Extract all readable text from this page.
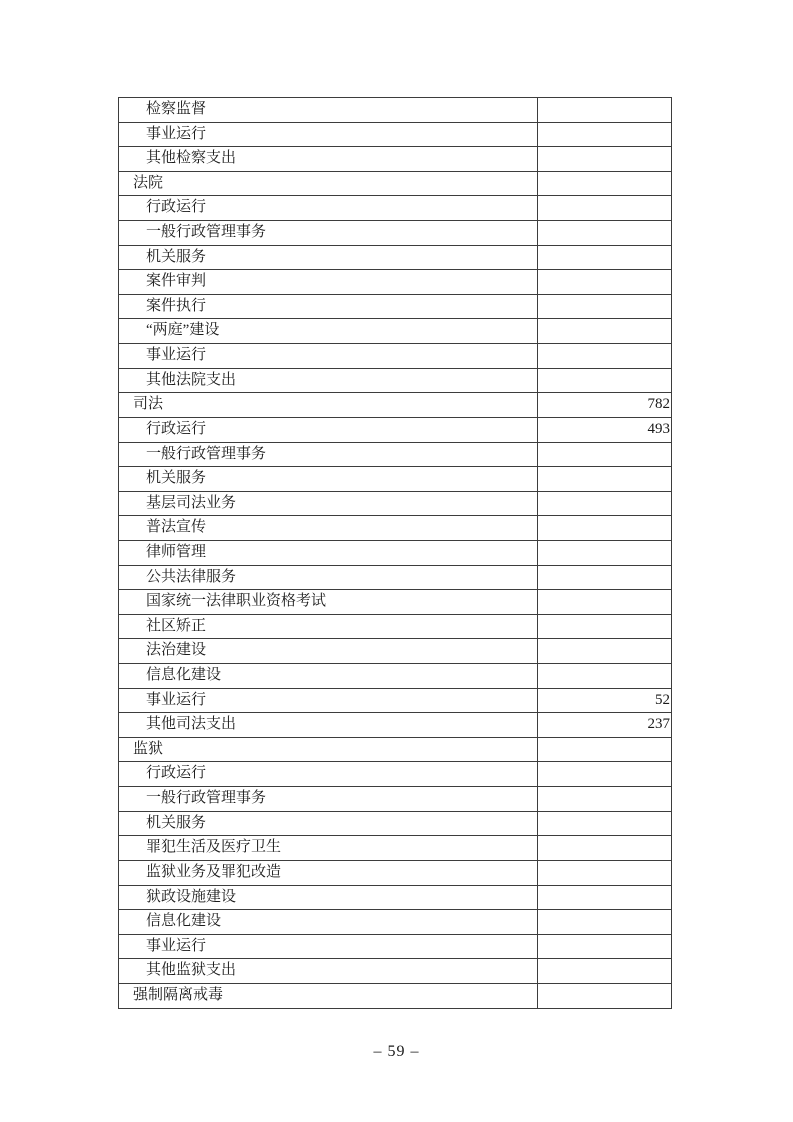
检察监督
事业运行
其他检察支出
法院
行政运行
一般行政管理事务
机关服务
案件审判
案件执行
“两庭”建设
事业运行
其他法院支出
司法	782
行政运行	493
一般行政管理事务
机关服务
基层司法业务
普法宣传
律师管理
公共法律服务
国家统一法律职业资格考试
社区矫正
法治建设
信息化建设
事业运行	52
其他司法支出	237
监狱
行政运行
一般行政管理事务
机关服务
罪犯生活及医疗卫生
监狱业务及罪犯改造
狱政设施建设
信息化建设
事业运行
其他监狱支出
强制隔离戒毒
– 59 –
